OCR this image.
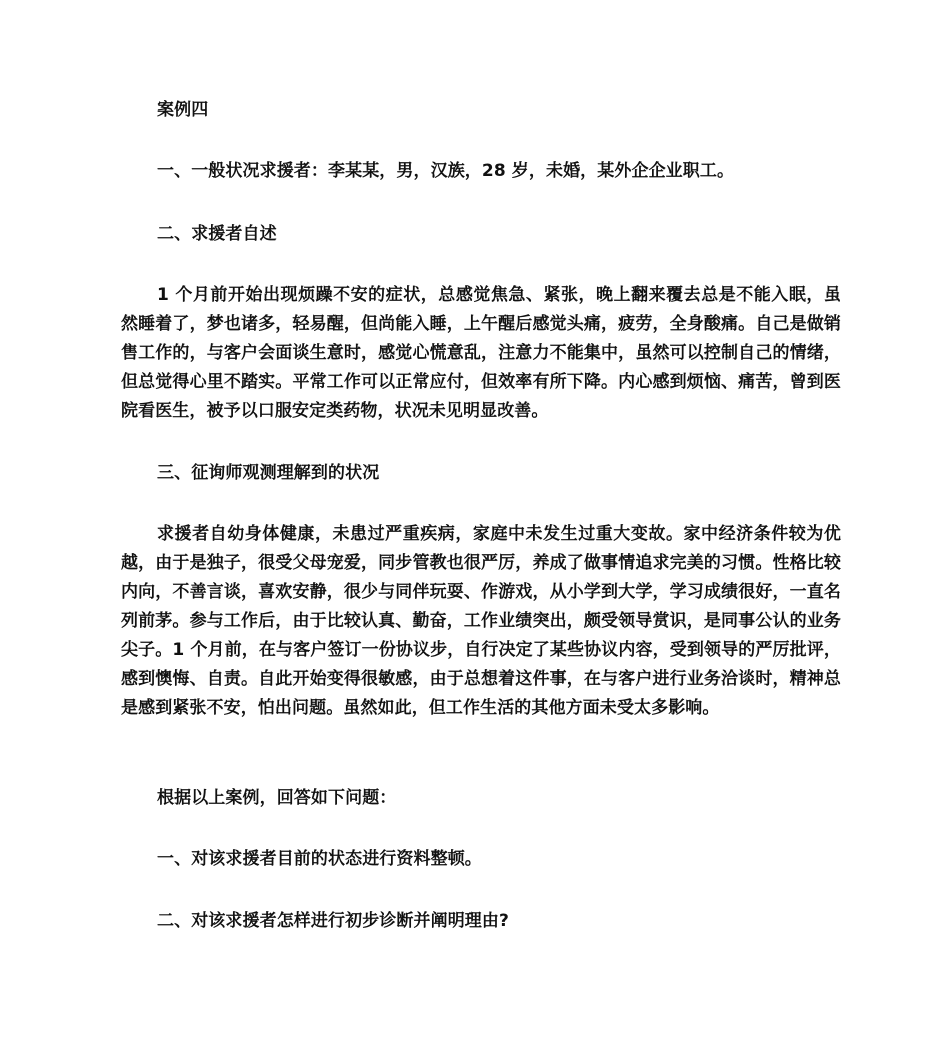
案例四

一、一般状况求援者：李某某，男，汉族，28 岁，未婚，某外企企业职工。

二、求援者自述

1 个月前开始出现烦躁不安的症状，总感觉焦急、紧张，晚上翻来覆去总是不能入眠，虽然睡着了，梦也诸多，轻易醒，但尚能入睡，上午醒后感觉头痛，疲劳，全身酸痛。自己是做销售工作的，与客户会面谈生意时，感觉心慌意乱，注意力不能集中，虽然可以控制自己的情绪，但总觉得心里不踏实。平常工作可以正常应付，但效率有所下降。内心感到烦恼、痛苦，曾到医院看医生，被予以口服安定类药物，状况未见明显改善。

三、征询师观测理解到的状况

求援者自幼身体健康，未患过严重疾病，家庭中未发生过重大变故。家中经济条件较为优越，由于是独子，很受父母宠爱，同步管教也很严厉，养成了做事情追求完美的习惯。性格比较内向，不善言谈，喜欢安静，很少与同伴玩耍、作游戏，从小学到大学，学习成绩很好，一直名列前茅。参与工作后，由于比较认真、勤奋，工作业绩突出，颇受领导赏识，是同事公认的业务尖子。1 个月前，在与客户签订一份协议步，自行决定了某些协议内容，受到领导的严厉批评，感到懊悔、自责。自此开始变得很敏感，由于总想着这件事，在与客户进行业务洽谈时，精神总是感到紧张不安，怕出问题。虽然如此，但工作生活的其他方面未受太多影响。

根据以上案例，回答如下问题：

一、对该求援者目前的状态进行资料整顿。

二、对该求援者怎样进行初步诊断并阐明理由?
